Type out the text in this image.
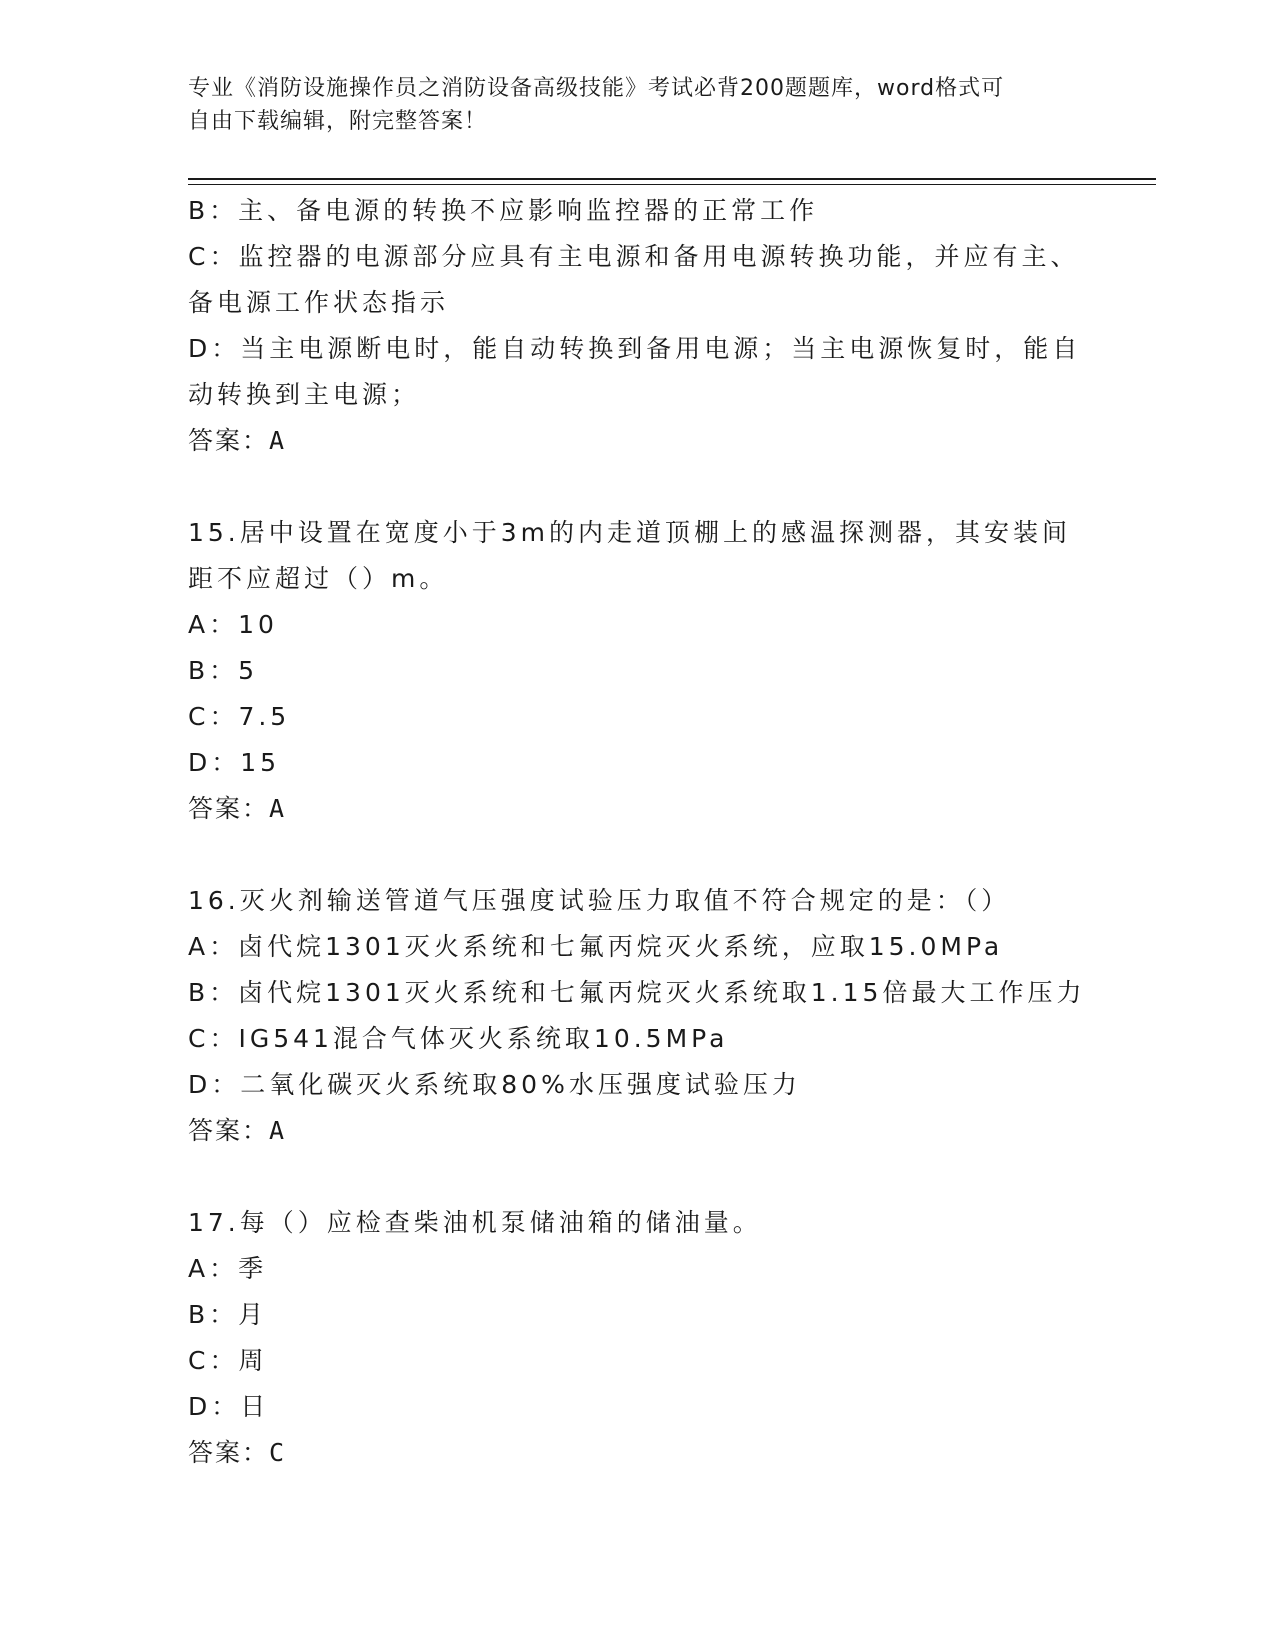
专业《消防设施操作员之消防设备高级技能》考试必背200题题库，word格式可
自由下载编辑，附完整答案！

B：主、备电源的转换不应影响监控器的正常工作

C：监控器的电源部分应具有主电源和备用电源转换功能，并应有主、

备电源工作状态指示

D：当主电源断电时，能自动转换到备用电源；当主电源恢复时，能自

动转换到主电源；

答案：A

15.居中设置在宽度小于3m的内走道顶棚上的感温探测器，其安装间

距不应超过（）m。

A：10

B：5

C：7.5

D：15

答案：A

16.灭火剂输送管道气压强度试验压力取值不符合规定的是：（）

A：卤代烷1301灭火系统和七氟丙烷灭火系统，应取15.0MPa

B：卤代烷1301灭火系统和七氟丙烷灭火系统取1.15倍最大工作压力

C：IG541混合气体灭火系统取10.5MPa

D：二氧化碳灭火系统取80%水压强度试验压力

答案：A

17.每（）应检查柴油机泵储油箱的储油量。

A：季

B：月

C：周

D：日

答案：C
